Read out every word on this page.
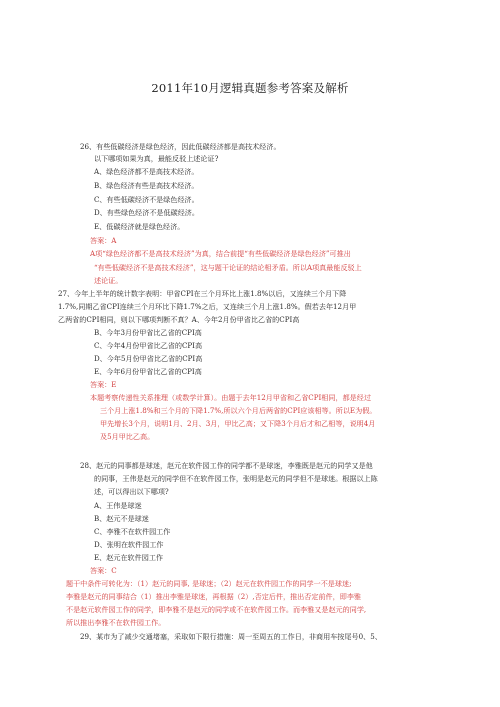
2011年10月逻辑真题参考答案及解析
26、有些低碳经济是绿色经济，因此低碳经济都是高技术经济。
以下哪项如果为真，最能反驳上述论证?
A、绿色经济都不是高技术经济。
B、绿色经济有些是高技术经济。
C、有些低碳经济不是绿色经济。
D、有些绿色经济不是低碳经济。
E、低碳经济就是绿色经济。
答案：A
A项“绿色经济都不是高技术经济”为真，结合前提“有些低碳经济是绿色经济”可推出
“有些低碳经济不是高技术经济”，这与题干论证的结论相矛盾。所以A项真最能反驳上
述论证。
27、今年上半年的统计数字表明：甲省CPI在三个月环比上涨1.8%以后，又连续三个月下降
1.7%,同期乙省CPI连续三个月环比下降1.7%之后，又连续三个月上涨1.8%。假若去年12月甲
乙两省的CPI相同，则以下哪项判断不真？A、今年2月份甲省比乙省的CPI高
B、今年3月份甲省比乙省的CPI高
C、今年4月份甲省比乙省的CPI高
D、今年5月份甲省比乙省的CPI高
E、今年6月份甲省比乙省的CPI高
答案：E
本题考察传递性关系推理（或数学计算）。由题于去年12月甲省和乙省CPI相同，都是经过
三个月上涨1.8%和三个月的下降1.7%,所以六个月后两省的CPI应该相等。所以E为假。
甲先增长3个月，说明1月、2月、3月，甲比乙高；又下降3个月后才和乙相等，说明4月
及5月甲比乙高。
28、赵元的同事都是球迷，赵元在软件园工作的同学都不是球迷，李雅既是赵元的同学又是他
的同事，王伟是赵元的同学但不在软件园工作，张明是赵元的同学但不是球迷。根据以上陈
述，可以得出以下哪项?
A、王伟是球迷
B、赵元不是球迷
C、李雅不在软件园工作
D、张明在软件园工作
E、赵元在软件园工作
答案：C
题干中条件可转化为：（1）赵元的同事, 是球迷；（2）赵元在软件园工作的同学一不是球迷;
李雅是赵元的同事结合（1）推出李雅是球迷，再根据（2）,否定后件，推出否定前件，即李雅
不是赵元软件园工作的同学，即李雅不是赵元的同学或不在软件园工作。而李雅又是赵元的同学,
所以推出李雅不在软件园工作。
29、某市为了减少交通堵塞，采取如下限行措施：周一至周五的工作日，非商用车按尾号0、5、
